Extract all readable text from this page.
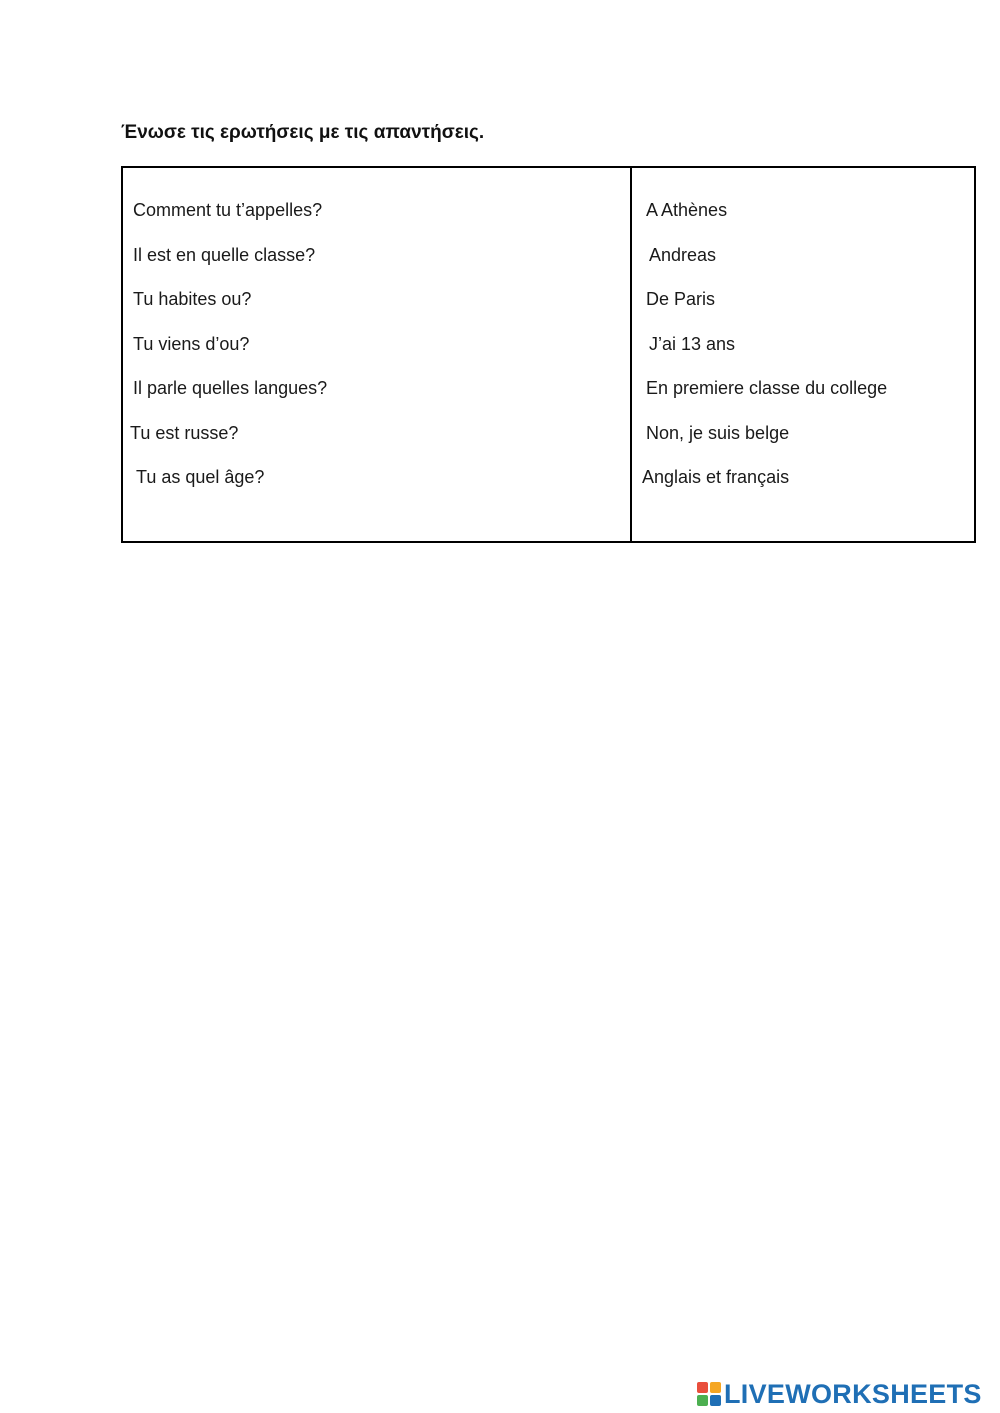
Ένωσε τις ερωτήσεις με τις απαντήσεις.
Comment tu t’appelles?
Il est en quelle classe?
Tu habites ou?
Tu viens d’ou?
Il parle quelles langues?
Tu est russe?
Tu as quel âge?
A Athènes
Andreas
De Paris
J’ai 13 ans
En premiere classe du college
Non, je suis belge
Anglais et français
LIVEWORKSHEETS
